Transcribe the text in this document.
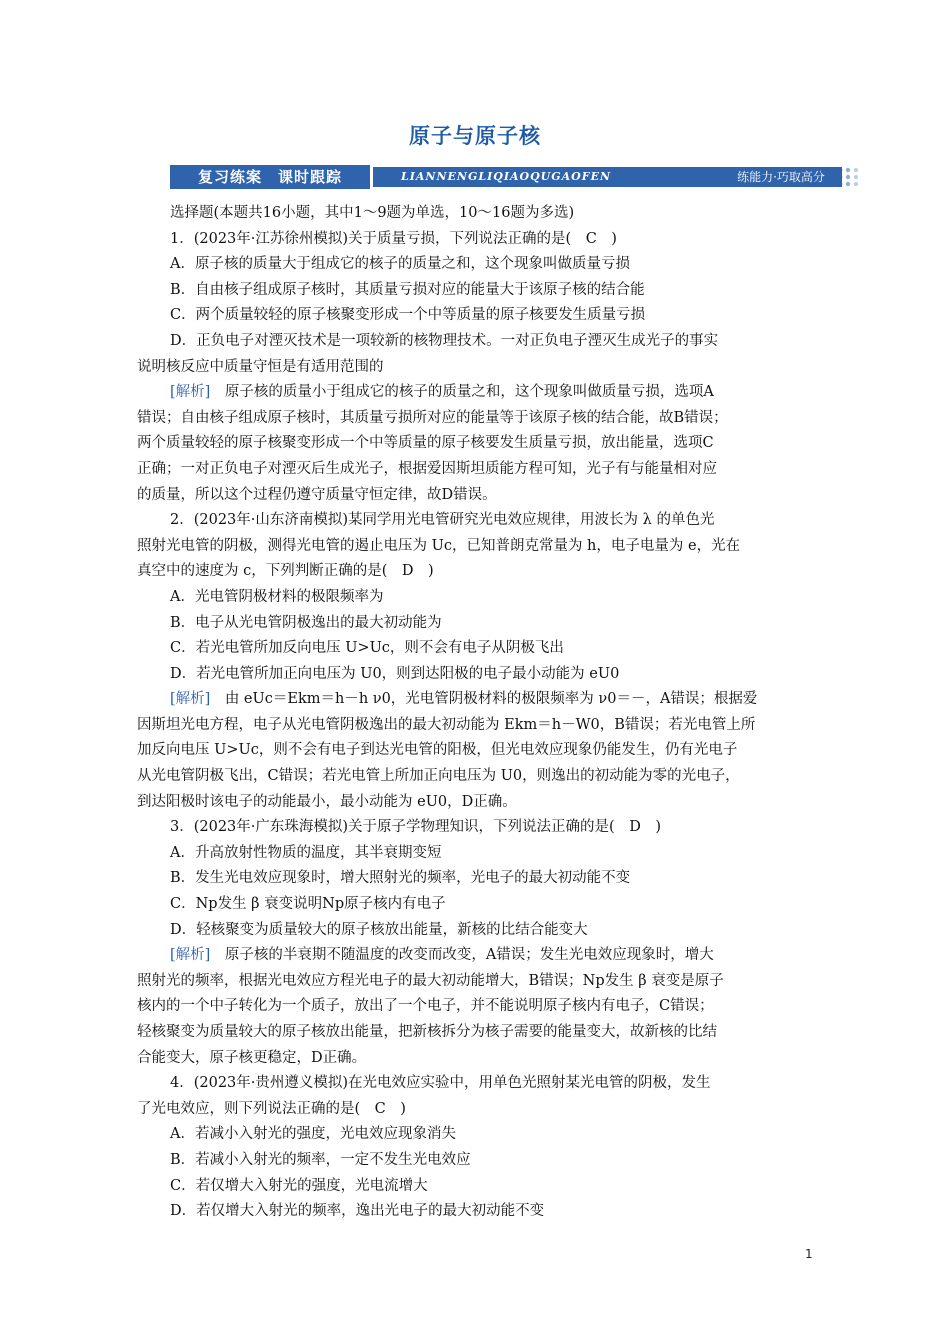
原子与原子核
复习练案　课时跟踪	LIANNENGLIQIAOQUGAOFEN	练能力·巧取高分
选择题(本题共16小题，其中1～9题为单选，10～16题为多选)
1．(2023年·江苏徐州模拟)关于质量亏损，下列说法正确的是(　C　)
A．原子核的质量大于组成它的核子的质量之和，这个现象叫做质量亏损
B．自由核子组成原子核时，其质量亏损对应的能量大于该原子核的结合能
C．两个质量较轻的原子核聚变形成一个中等质量的原子核要发生质量亏损
D．正负电子对湮灭技术是一项较新的核物理技术。一对正负电子湮灭生成光子的事实
说明核反应中质量守恒是有适用范围的
[解析]　原子核的质量小于组成它的核子的质量之和，这个现象叫做质量亏损，选项A
错误；自由核子组成原子核时，其质量亏损所对应的能量等于该原子核的结合能，故B错误；
两个质量较轻的原子核聚变形成一个中等质量的原子核要发生质量亏损，放出能量，选项C
正确；一对正负电子对湮灭后生成光子，根据爱因斯坦质能方程可知，光子有与能量相对应
的质量，所以这个过程仍遵守质量守恒定律，故D错误。
2．(2023年·山东济南模拟)某同学用光电管研究光电效应规律，用波长为 λ 的单色光
照射光电管的阴极，测得光电管的遏止电压为 Uc，已知普朗克常量为 h，电子电量为 e，光在
真空中的速度为 c，下列判断正确的是(　D　)
A．光电管阴极材料的极限频率为
B．电子从光电管阴极逸出的最大初动能为
C．若光电管所加反向电压 U>Uc，则不会有电子从阴极飞出
D．若光电管所加正向电压为 U0，则到达阳极的电子最小动能为 eU0
[解析]　由 eUc＝Ekm＝h－h ν0，光电管阴极材料的极限频率为 ν0＝－，A错误；根据爱
因斯坦光电方程，电子从光电管阴极逸出的最大初动能为 Ekm＝h－W0，B错误；若光电管上所
加反向电压 U>Uc，则不会有电子到达光电管的阳极，但光电效应现象仍能发生，仍有光电子
从光电管阴极飞出，C错误；若光电管上所加正向电压为 U0，则逸出的初动能为零的光电子，
到达阳极时该电子的动能最小，最小动能为 eU0，D正确。
3．(2023年·广东珠海模拟)关于原子学物理知识，下列说法正确的是(　D　)
A．升高放射性物质的温度，其半衰期变短
B．发生光电效应现象时，增大照射光的频率，光电子的最大初动能不变
C．Np发生 β 衰变说明Np原子核内有电子
D．轻核聚变为质量较大的原子核放出能量，新核的比结合能变大
[解析]　原子核的半衰期不随温度的改变而改变，A错误；发生光电效应现象时，增大
照射光的频率，根据光电效应方程光电子的最大初动能增大，B错误；Np发生 β 衰变是原子
核内的一个中子转化为一个质子，放出了一个电子，并不能说明原子核内有电子，C错误；
轻核聚变为质量较大的原子核放出能量，把新核拆分为核子需要的能量变大，故新核的比结
合能变大，原子核更稳定，D正确。
4．(2023年·贵州遵义模拟)在光电效应实验中，用单色光照射某光电管的阴极，发生
了光电效应，则下列说法正确的是(　C　)
A．若减小入射光的强度，光电效应现象消失
B．若减小入射光的频率，一定不发生光电效应
C．若仅增大入射光的强度，光电流增大
D．若仅增大入射光的频率，逸出光电子的最大初动能不变
1
